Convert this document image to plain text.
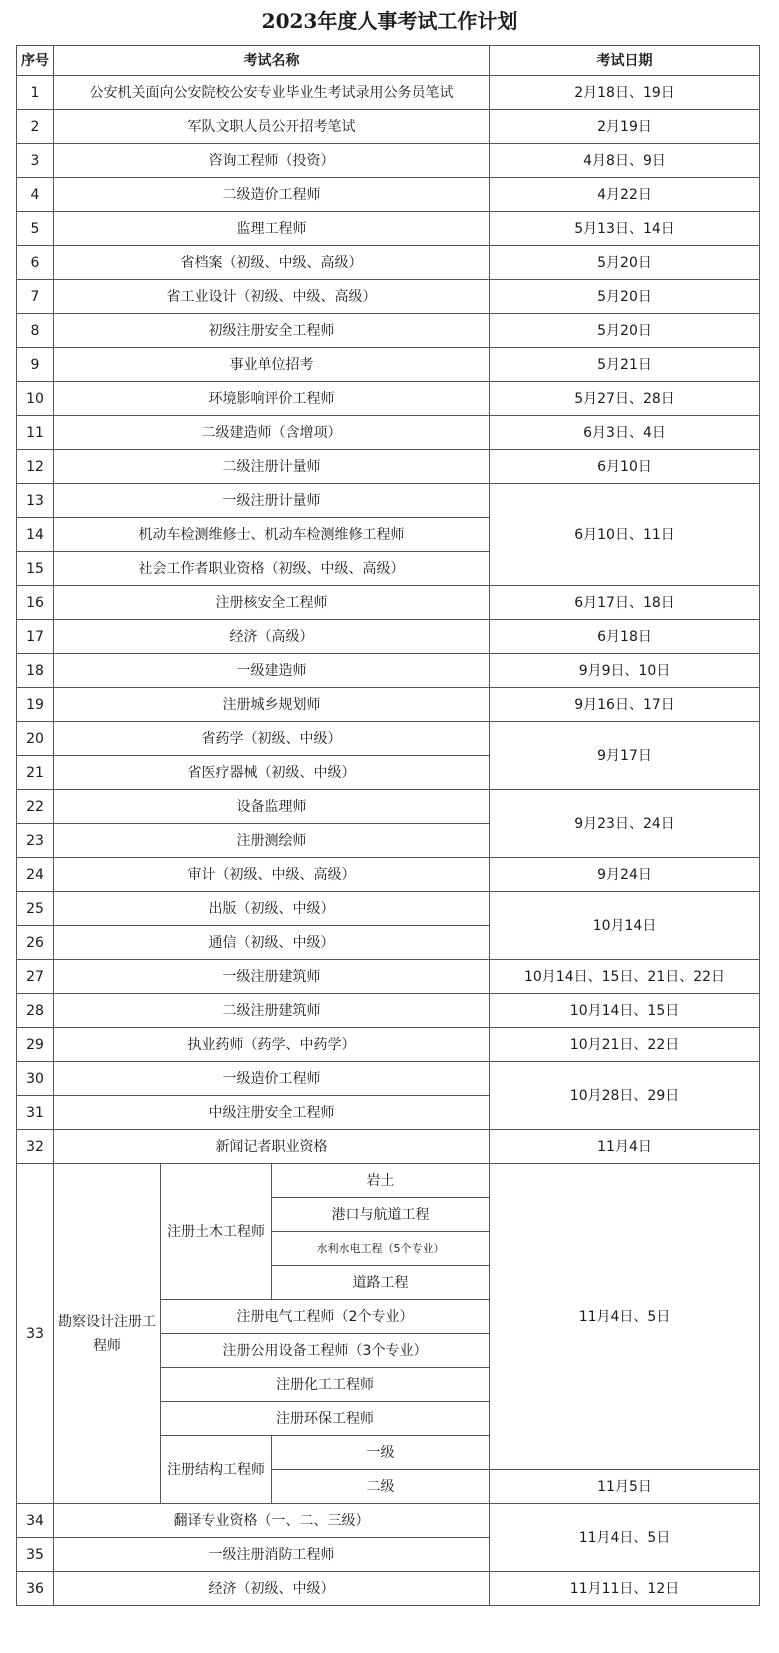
2023年度人事考试工作计划
序号	考试名称			考试日期
1	公安机关面向公安院校公安专业毕业生考试录用公务员笔试			2月18日、19日
2	军队文职人员公开招考笔试			2月19日
3	咨询工程师（投资）			4月8日、9日
4	二级造价工程师			4月22日
5	监理工程师			5月13日、14日
6	省档案（初级、中级、高级）			5月20日
7	省工业设计（初级、中级、高级）			5月20日
8	初级注册安全工程师			5月20日
9	事业单位招考			5月21日
10	环境影响评价工程师			5月27日、28日
11	二级建造师（含增项）			6月3日、4日
12	二级注册计量师			6月10日
13	一级注册计量师			6月10日、11日
14	机动车检测维修士、机动车检测维修工程师			
15	社会工作者职业资格（初级、中级、高级）			
16	注册核安全工程师			6月17日、18日
17	经济（高级）			6月18日
18	一级建造师			9月9日、10日
19	注册城乡规划师			9月16日、17日
20	省药学（初级、中级）			9月17日
21	省医疗器械（初级、中级）			
22	设备监理师			9月23日、24日
23	注册测绘师			
24	审计（初级、中级、高级）			9月24日
25	出版（初级、中级）			10月14日
26	通信（初级、中级）			
27	一级注册建筑师			10月14日、15日、21日、22日
28	二级注册建筑师			10月14日、15日
29	执业药师（药学、中药学）			10月21日、22日
30	一级造价工程师			10月28日、29日
31	中级注册安全工程师			
32	新闻记者职业资格			11月4日
33	勘察设计注册工程师	注册土木工程师	岩土	11月4日、5日
			港口与航道工程	
			水利水电工程（5个专业）	
			道路工程	
		注册电气工程师（2个专业）		
		注册公用设备工程师（3个专业）		
		注册化工工程师		
		注册环保工程师		
		注册结构工程师	一级	
			二级	11月5日
34	翻译专业资格（一、二、三级）			11月4日、5日
35	一级注册消防工程师			
36	经济（初级、中级）			11月11日、12日
